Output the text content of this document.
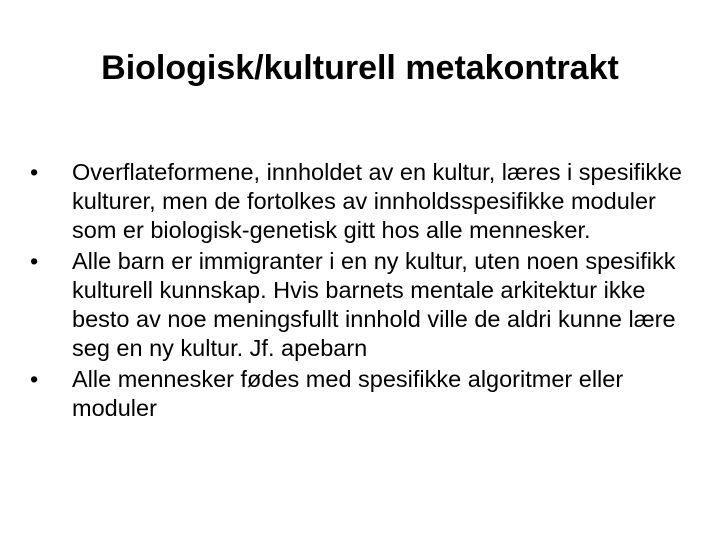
Biologisk/kulturell metakontrakt
•	Overflateformene, innholdet av en kultur, læres i spesifikke kulturer, men de fortolkes av innholdsspesifikke moduler som er biologisk-genetisk gitt hos alle mennesker.
•	Alle barn er immigranter i en ny kultur, uten noen spesifikk kulturell kunnskap. Hvis barnets mentale arkitektur ikke besto av noe meningsfullt innhold ville de aldri kunne lære seg en ny kultur. Jf. apebarn
•	Alle mennesker fødes med spesifikke algoritmer eller moduler
